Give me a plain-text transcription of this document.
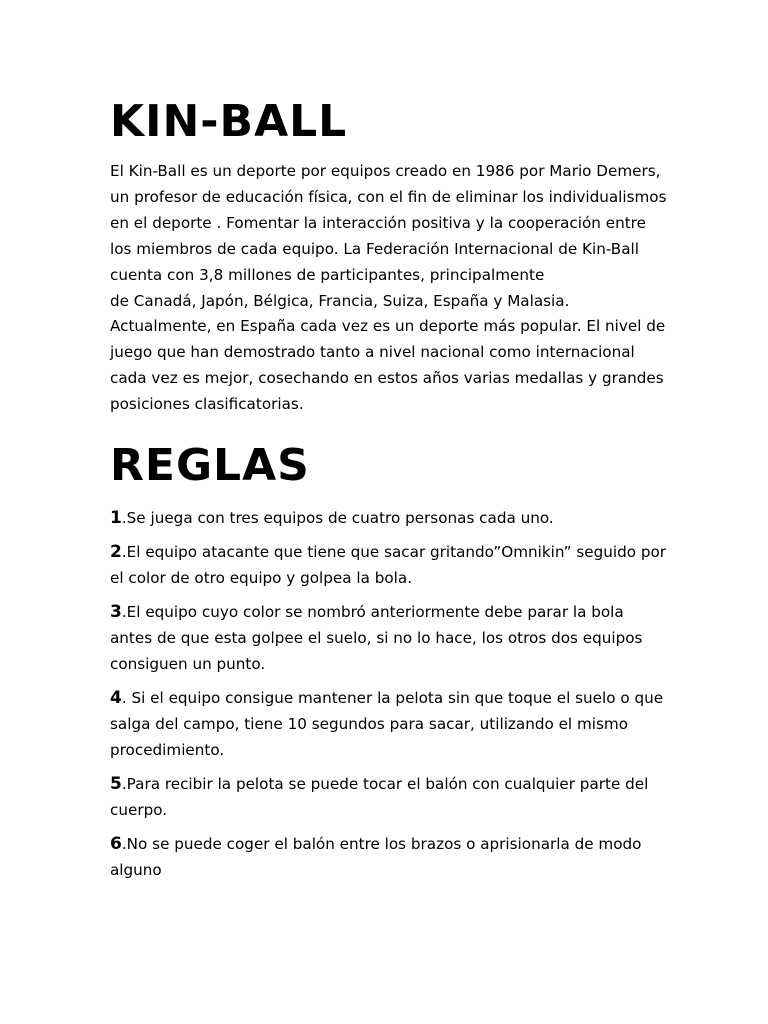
KIN-BALL

El Kin-Ball es un deporte por equipos creado en 1986 por Mario Demers, un profesor de educación física, con el fin de eliminar los individualismos en el deporte . Fomentar la interacción positiva y la cooperación entre los miembros de cada equipo. La Federación Internacional de Kin-Ball cuenta con 3,8 millones de participantes, principalmente

de Canadá, Japón, Bélgica, Francia, Suiza, España y Malasia. Actualmente, en España cada vez es un deporte más popular. El nivel de juego que han demostrado tanto a nivel nacional como internacional cada vez es mejor, cosechando en estos años varias medallas y grandes posiciones clasificatorias.

REGLAS

1.Se juega con tres equipos de cuatro personas cada uno.

2.El equipo atacante que tiene que sacar gritando”Omnikin” seguido por el color de otro equipo y golpea la bola.

3.El equipo cuyo color se nombró anteriormente debe parar la bola antes de que esta golpee el suelo, si no lo hace, los otros dos equipos consiguen un punto.

4. Si el equipo consigue mantener la pelota sin que toque el suelo o que salga del campo, tiene 10 segundos para sacar, utilizando el mismo procedimiento.

5.Para recibir la pelota se puede tocar el balón con cualquier parte del cuerpo.

6.No se puede coger el balón entre los brazos o aprisionarla de modo alguno
